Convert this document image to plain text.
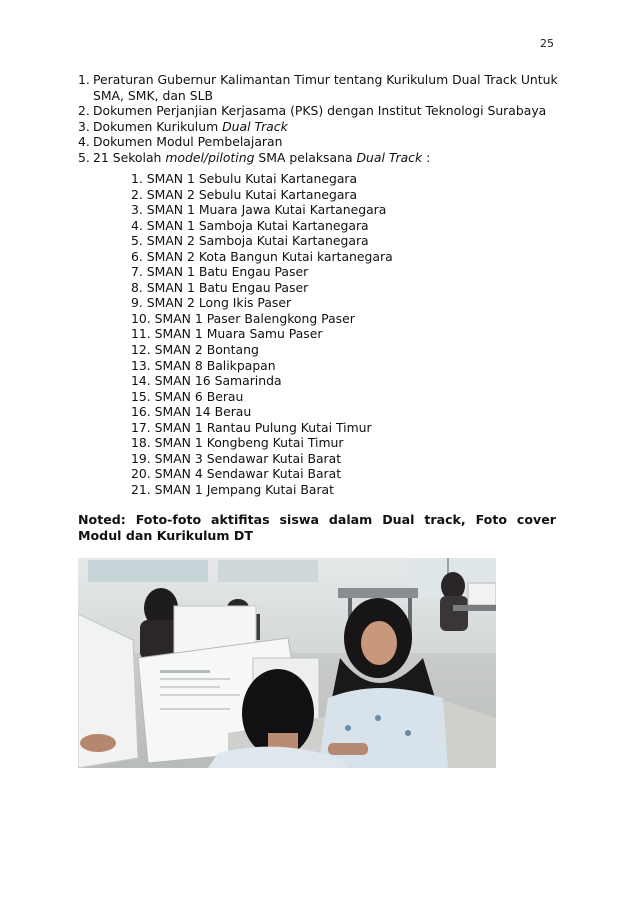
25
1. Peraturan Gubernur Kalimantan Timur tentang Kurikulum Dual Track Untuk SMA, SMK, dan SLB
2. Dokumen Perjanjian Kerjasama (PKS) dengan Institut Teknologi Surabaya
3. Dokumen Kurikulum Dual Track
4. Dokumen Modul Pembelajaran
5. 21 Sekolah model/piloting SMA pelaksana Dual Track :
1. SMAN 1 Sebulu Kutai Kartanegara
2. SMAN 2 Sebulu Kutai Kartanegara
3. SMAN 1 Muara Jawa Kutai Kartanegara
4. SMAN 1 Samboja Kutai Kartanegara
5. SMAN 2 Samboja Kutai Kartanegara
6. SMAN 2 Kota Bangun Kutai kartanegara
7. SMAN 1 Batu Engau Paser
8. SMAN 1 Batu Engau Paser
9. SMAN 2 Long Ikis Paser
10. SMAN 1 Paser Balengkong Paser
11. SMAN 1 Muara Samu Paser
12. SMAN 2 Bontang
13. SMAN 8 Balikpapan
14. SMAN 16 Samarinda
15. SMAN 6 Berau
16. SMAN 14 Berau
17. SMAN 1 Rantau Pulung Kutai Timur
18. SMAN 1 Kongbeng Kutai Timur
19. SMAN 3 Sendawar Kutai Barat
20. SMAN 4 Sendawar Kutai Barat
21. SMAN 1 Jempang Kutai Barat
Noted: Foto-foto aktifitas siswa dalam Dual track, Foto cover Modul dan Kurikulum DT
